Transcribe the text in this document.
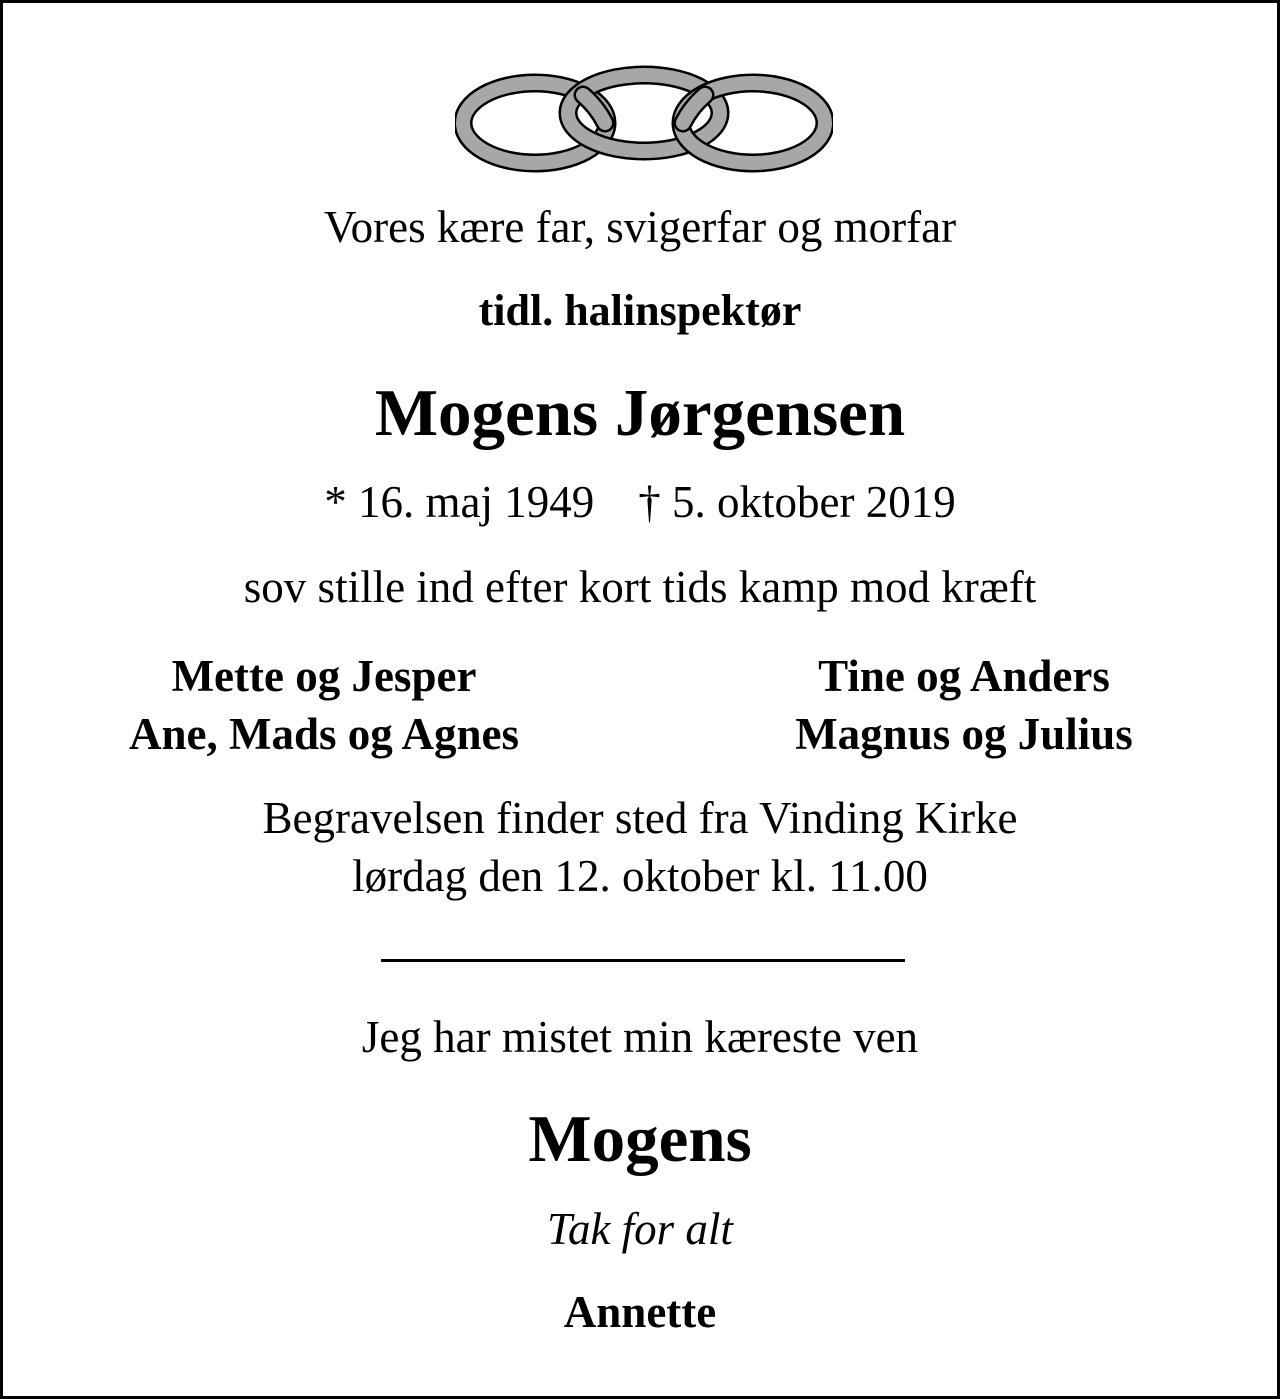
Vores kære far, svigerfar og morfar
tidl. halinspektør
Mogens Jørgensen
* 16. maj 1949 † 5. oktober 2019
sov stille ind efter kort tids kamp mod kræft
Mette og Jesper
Ane, Mads og Agnes
Tine og Anders
Magnus og Julius
Begravelsen finder sted fra Vinding Kirke
lørdag den 12. oktober kl. 11.00
Jeg har mistet min kæreste ven
Mogens
Tak for alt
Annette
